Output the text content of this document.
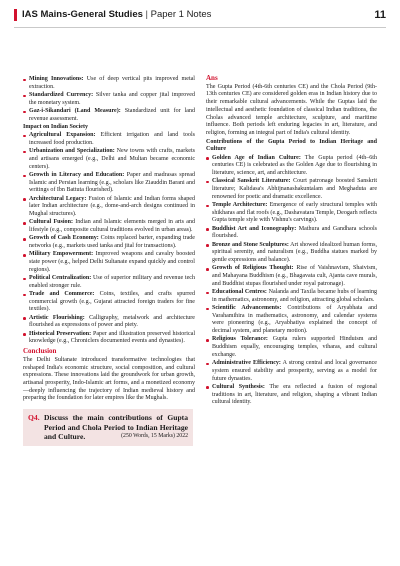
IAS Mains-General Studies | Paper 1 Notes	11
Mining Innovations: Use of deep vertical pits improved metal extraction.
Standardized Currency: Silver tanka and copper jital improved the monetary system.
Gaz-i-Sikandari (Land Measure): Standardized unit for land revenue assessment.
Impact on Indian Society
Agricultural Expansion: Efficient irrigation and land tools increased food production.
Urbanization and Specialization: New towns with crafts, markets and artisans emerged (e.g., Delhi and Multan became economic centers).
Growth in Literacy and Education: Paper and madrasas spread Islamic and Persian learning (e.g., scholars like Ziauddin Barani and writings of Ibn Battuta flourished).
Architectural Legacy: Fusion of Islamic and Indian forms shaped later Indian architecture (e.g., dome-and-arch designs continued in Mughal structures).
Cultural Fusion: Indian and Islamic elements merged in arts and lifestyle (e.g., composite cultural traditions evolved in urban areas).
Growth of Cash Economy: Coins replaced barter, expanding trade networks (e.g., markets used tanka and jital for transactions).
Military Empowerment: Improved weapons and cavalry boosted state power (e.g., helped Delhi Sultanate expand quickly and control regions).
Political Centralization: Use of superior military and revenue tech enabled stronger rule.
Trade and Commerce: Coins, textiles, and crafts spurred commercial growth (e.g., Gujarat attracted foreign traders for fine textiles).
Artistic Flourishing: Calligraphy, metalwork and architecture flourished as expressions of power and piety.
Historical Preservation: Paper and illustration preserved historical knowledge (e.g., Chroniclers documented events and dynasties).
Conclusion
The Delhi Sultanate introduced transformative technologies that reshaped India's economic structure, social composition, and cultural expressions. These innovations laid the groundwork for urban growth, artisanal prosperity, Indo-Islamic art forms, and a monetized economy—deeply influencing the trajectory of Indian medieval history and preparing the foundation for later empires like the Mughals.
Q4. Discuss the main contributions of Gupta Period and Chola Period to Indian Heritage and Culture.	(250 Words, 15 Marks) 2022
Ans
The Gupta Period (4th-6th centuries CE) and the Chola Period (9th-13th centuries CE) are considered golden eras in Indian history due to their remarkable cultural advancements. While the Guptas laid the intellectual and aesthetic foundation of classical Indian traditions, the Cholas advanced temple architecture, sculpture, and maritime influence. Both periods left enduring legacies in art, literature, and religion, forming an integral part of India's cultural identity.
Contributions of the Gupta Period to Indian Heritage and Culture
Golden Age of Indian Culture: The Gupta period (4th–6th centuries CE) is celebrated as the Golden Age due to flourishing in literature, science, art, and architecture.
Classical Sanskrit Literature: Court patronage boosted Sanskrit literature; Kalidasa's Abhijnanashakuntalam and Meghaduta are renowned for poetic and dramatic excellence.
Temple Architecture: Emergence of early structural temples with shikharas and flat roofs (e.g., Dashavatara Temple, Deogarh reflects Gupta temple style with Vishnu's carvings).
Buddhist Art and Iconography: Mathura and Gandhara schools flourished.
Bronze and Stone Sculptures: Art showed idealized human forms, spiritual serenity, and naturalism (e.g., Buddha statues marked by gentle expressions and balance).
Growth of Religious Thought: Rise of Vaishnavism, Shaivism, and Mahayana Buddhism (e.g., Bhagavata cult, Ajanta cave murals, and Buddhist stupas flourished under royal patronage).
Educational Centres: Nalanda and Taxila became hubs of learning in mathematics, astronomy, and religion, attracting global scholars.
Scientific Advancements: Contributions of Aryabhata and Varahamihira in mathematics, astronomy, and calendar systems were pioneering (e.g., Aryabhatiya explained the concept of decimal system, and planetary motion).
Religious Tolerance: Gupta rulers supported Hinduism and Buddhism equally, encouraging temples, viharas, and cultural exchange.
Administrative Efficiency: A strong central and local governance system ensured stability and prosperity, serving as a model for future dynasties.
Cultural Synthesis: The era reflected a fusion of regional traditions in art, literature, and religion, shaping a vibrant Indian cultural identity.
